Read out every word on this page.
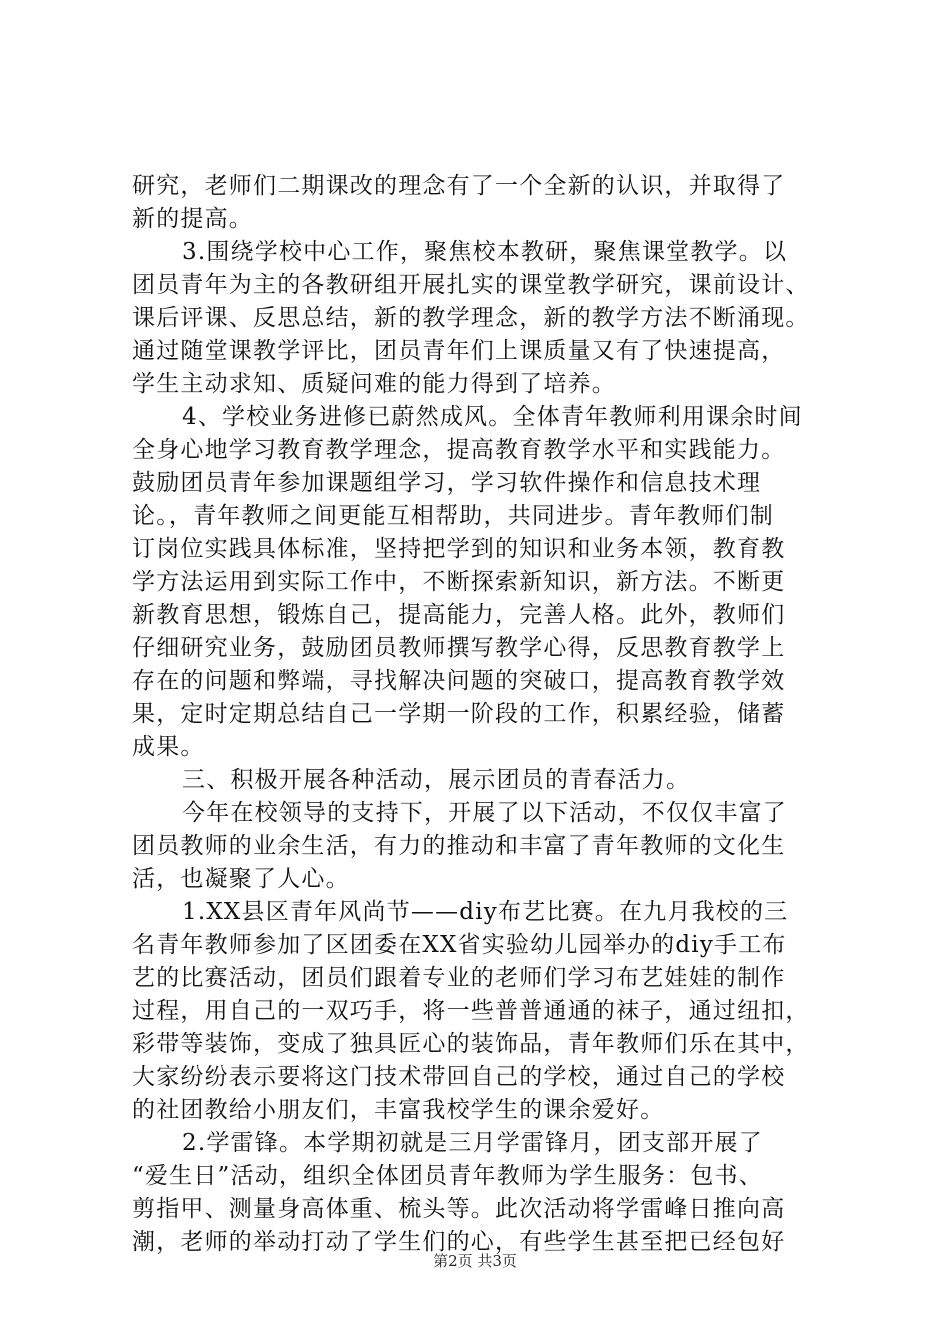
研究，老师们二期课改的理念有了一个全新的认识，并取得了
新的提高。
3.围绕学校中心工作，聚焦校本教研，聚焦课堂教学。以
团员青年为主的各教研组开展扎实的课堂教学研究，课前设计、
课后评课、反思总结，新的教学理念，新的教学方法不断涌现。
通过随堂课教学评比，团员青年们上课质量又有了快速提高，
学生主动求知、质疑问难的能力得到了培养。
4、学校业务进修已蔚然成风。全体青年教师利用课余时间
全身心地学习教育教学理念，提高教育教学水平和实践能力。
鼓励团员青年参加课题组学习，学习软件操作和信息技术理
论。，青年教师之间更能互相帮助，共同进步。青年教师们制
订岗位实践具体标准，坚持把学到的知识和业务本领，教育教
学方法运用到实际工作中，不断探索新知识，新方法。不断更
新教育思想，锻炼自己，提高能力，完善人格。此外，教师们
仔细研究业务，鼓励团员教师撰写教学心得，反思教育教学上
存在的问题和弊端，寻找解决问题的突破口，提高教育教学效
果，定时定期总结自己一学期一阶段的工作，积累经验，储蓄
成果。
三、积极开展各种活动，展示团员的青春活力。
今年在校领导的支持下，开展了以下活动，不仅仅丰富了
团员教师的业余生活，有力的推动和丰富了青年教师的文化生
活，也凝聚了人心。
1.XX县区青年风尚节——diy布艺比赛。在九月我校的三
名青年教师参加了区团委在XX省实验幼儿园举办的diy手工布
艺的比赛活动，团员们跟着专业的老师们学习布艺娃娃的制作
过程，用自己的一双巧手，将一些普普通通的袜子，通过纽扣，
彩带等装饰，变成了独具匠心的装饰品，青年教师们乐在其中，
大家纷纷表示要将这门技术带回自己的学校，通过自己的学校
的社团教给小朋友们，丰富我校学生的课余爱好。
2.学雷锋。本学期初就是三月学雷锋月，团支部开展了
“爱生日”活动，组织全体团员青年教师为学生服务：包书、
剪指甲、测量身高体重、梳头等。此次活动将学雷峰日推向高
潮，老师的举动打动了学生们的心，有些学生甚至把已经包好
第2页 共3页
